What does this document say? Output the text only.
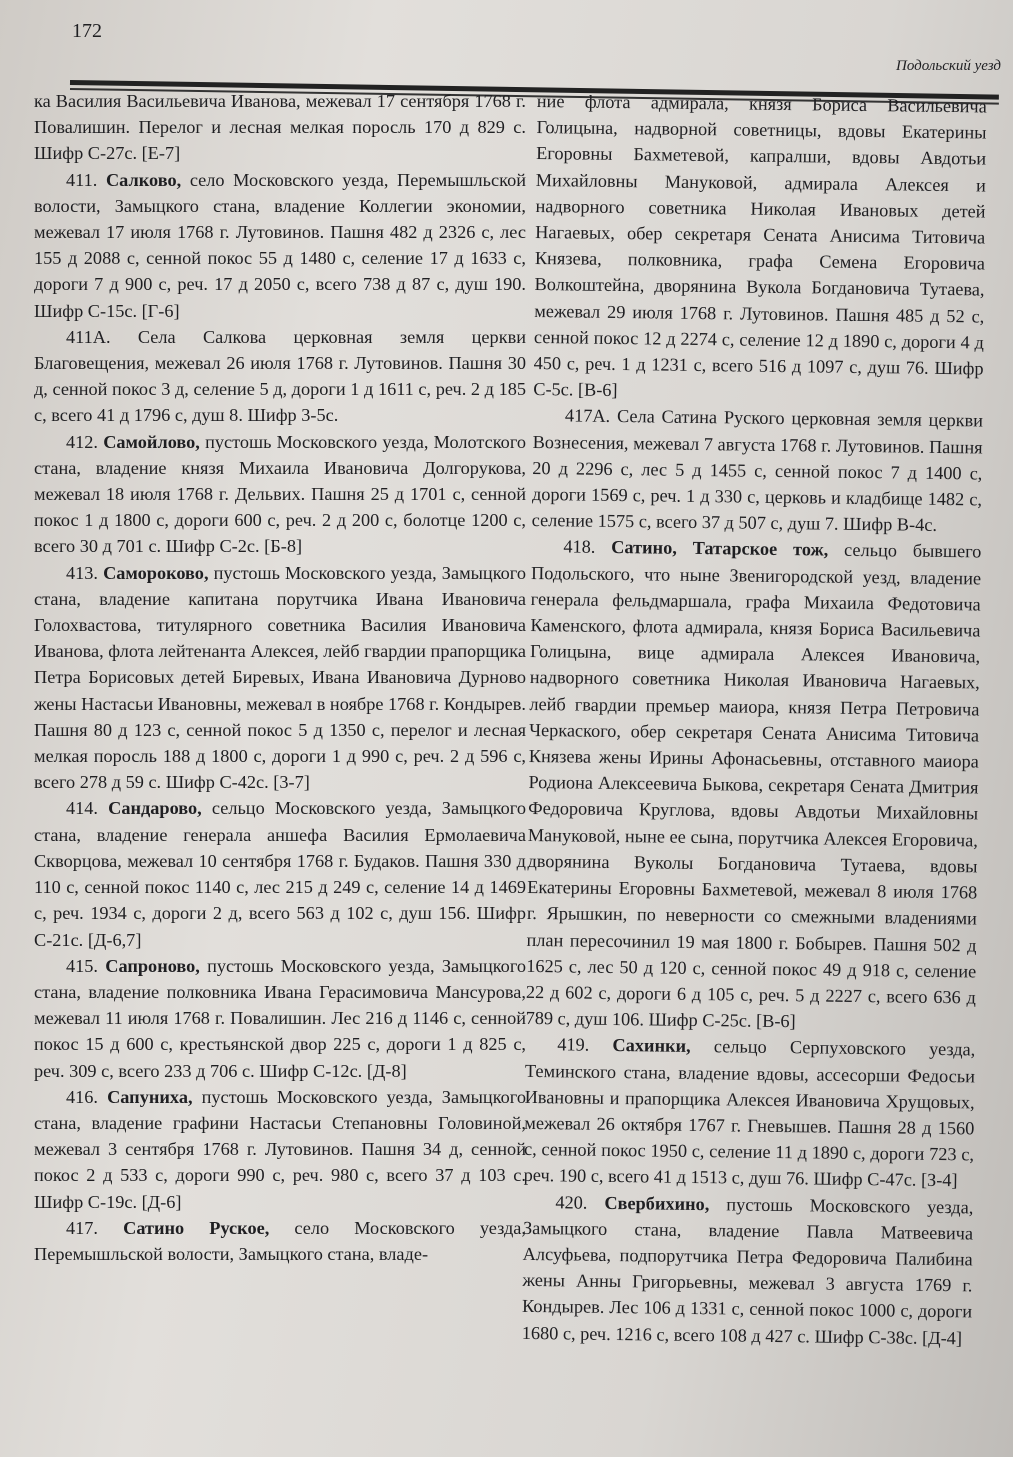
172
Подольский уезд

ка Василия Васильевича Иванова, межевал 17 сентября 1768 г. Повалишин. Перелог и лесная мелкая поросль 170 д 829 с. Шифр С-27с. [Е-7]

411. Салково, село Московского уезда, Перемышльской волости, Замыцкого стана, владение Коллегии экономии, межевал 17 июля 1768 г. Лутовинов. Пашня 482 д 2326 с, лес 155 д 2088 с, сенной покос 55 д 1480 с, селение 17 д 1633 с, дороги 7 д 900 с, реч. 17 д 2050 с, всего 738 д 87 с, душ 190. Шифр С-15с. [Г-6]

411А. Села Салкова церковная земля церкви Благовещения, межевал 26 июля 1768 г. Лутовинов. Пашня 30 д, сенной покос 3 д, селение 5 д, дороги 1 д 1611 с, реч. 2 д 185 с, всего 41 д 1796 с, душ 8. Шифр 3-5с.

412. Самойлово, пустошь Московского уезда, Молотского стана, владение князя Михаила Ивановича Долгорукова, межевал 18 июля 1768 г. Дельвих. Пашня 25 д 1701 с, сенной покос 1 д 1800 с, дороги 600 с, реч. 2 д 200 с, болотце 1200 с, всего 30 д 701 с. Шифр С-2с. [Б-8]

413. Самороково, пустошь Московского уезда, Замыцкого стана, владение капитана порутчика Ивана Ивановича Голохвастова, титулярного советника Василия Ивановича Иванова, флота лейтенанта Алексея, лейб гвардии прапорщика Петра Борисовых детей Биревых, Ивана Ивановича Дурново жены Настасьи Ивановны, межевал в ноябре 1768 г. Кондырев. Пашня 80 д 123 с, сенной покос 5 д 1350 с, перелог и лесная мелкая поросль 188 д 1800 с, дороги 1 д 990 с, реч. 2 д 596 с, всего 278 д 59 с. Шифр С-42с. [3-7]

414. Сандарово, сельцо Московского уезда, Замыцкого стана, владение генерала аншефа Василия Ермолаевича Скворцова, межевал 10 сентября 1768 г. Будаков. Пашня 330 д 110 с, сенной покос 1140 с, лес 215 д 249 с, селение 14 д 1469 с, реч. 1934 с, дороги 2 д, всего 563 д 102 с, душ 156. Шифр С-21с. [Д-6,7]

415. Сапроново, пустошь Московского уезда, Замыцкого стана, владение полковника Ивана Герасимовича Мансурова, межевал 11 июля 1768 г. Повалишин. Лес 216 д 1146 с, сенной покос 15 д 600 с, крестьянской двор 225 с, дороги 1 д 825 с, реч. 309 с, всего 233 д 706 с. Шифр С-12с. [Д-8]

416. Сапуниха, пустошь Московского уезда, Замыцкого стана, владение графини Настасьи Степановны Головиной, межевал 3 сентября 1768 г. Лутовинов. Пашня 34 д, сенной покос 2 д 533 с, дороги 990 с, реч. 980 с, всего 37 д 103 с. Шифр С-19с. [Д-6]

417. Сатино Руское, село Московского уезда, Перемышльской волости, Замыцкого стана, владе-

ние флота адмирала, князя Бориса Васильевича Голицына, надворной советницы, вдовы Екатерины Егоровны Бахметевой, капралши, вдовы Авдотьи Михайловны Мануковой, адмирала Алексея и надворного советника Николая Ивановых детей Нагаевых, обер секретаря Сената Анисима Титовича Князева, полковника, графа Семена Егоровича Волкоштейна, дворянина Вукола Богдановича Тутаева, межевал 29 июля 1768 г. Лутовинов. Пашня 485 д 52 с, сенной покос 12 д 2274 с, селение 12 д 1890 с, дороги 4 д 450 с, реч. 1 д 1231 с, всего 516 д 1097 с, душ 76. Шифр С-5с. [В-6]

417А. Села Сатина Руского церковная земля церкви Вознесения, межевал 7 августа 1768 г. Лутовинов. Пашня 20 д 2296 с, лес 5 д 1455 с, сенной покос 7 д 1400 с, дороги 1569 с, реч. 1 д 330 с, церковь и кладбище 1482 с, селение 1575 с, всего 37 д 507 с, душ 7. Шифр В-4с.

418. Сатино, Татарское тож, сельцо бывшего Подольского, что ныне Звенигородской уезд, владение генерала фельдмаршала, графа Михаила Федотовича Каменского, флота адмирала, князя Бориса Васильевича Голицына, вице адмирала Алексея Ивановича, надворного советника Николая Ивановича Нагаевых, лейб гвардии премьер маиора, князя Петра Петровича Черкаского, обер секретаря Сената Анисима Титовича Князева жены Ирины Афонасьевны, отставного маиора Родиона Алексеевича Быкова, секретаря Сената Дмитрия Федоровича Круглова, вдовы Авдотьи Михайловны Мануковой, ныне ее сына, порутчика Алексея Егоровича, дворянина Вуколы Богдановича Тутаева, вдовы Екатерины Егоровны Бахметевой, межевал 8 июля 1768 г. Ярышкин, по неверности со смежными владениями план пересочинил 19 мая 1800 г. Бобырев. Пашня 502 д 1625 с, лес 50 д 120 с, сенной покос 49 д 918 с, селение 22 д 602 с, дороги 6 д 105 с, реч. 5 д 2227 с, всего 636 д 789 с, душ 106. Шифр С-25с. [В-6]

419. Сахинки, сельцо Серпуховского уезда, Теминского стана, владение вдовы, ассесорши Федосьи Ивановны и прапорщика Алексея Ивановича Хрущовых, межевал 26 октября 1767 г. Гневышев. Пашня 28 д 1560 с, сенной покос 1950 с, селение 11 д 1890 с, дороги 723 с, реч. 190 с, всего 41 д 1513 с, душ 76. Шифр С-47с. [З-4]

420. Свербихино, пустошь Московского уезда, Замыцкого стана, владение Павла Матвеевича Алсуфьева, подпорутчика Петра Федоровича Палибина жены Анны Григорьевны, межевал 3 августа 1769 г. Кондырев. Лес 106 д 1331 с, сенной покос 1000 с, дороги 1680 с, реч. 1216 с, всего 108 д 427 с. Шифр С-38с. [Д-4]
